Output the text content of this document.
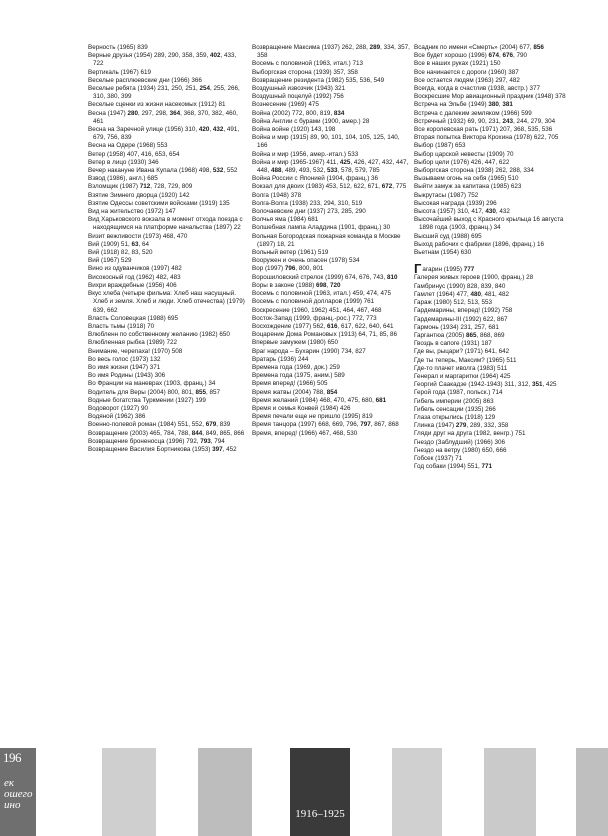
Верность (1965) 839

Верные друзья (1954) 289, 290, 358, 359, 402, 433, 722

Вертикаль (1967) 619

Веселые расплюевские дни (1966) 366

Веселые ребята (1934) 231, 250, 251, 254, 255, 266, 310, 380, 399

Веселые сценки из жизни насекомых (1912) 81

Весна (1947) 280, 297, 298, 364, 368, 370, 382, 460, 461

Весна на Заречной улице (1956) 310, 420, 432, 491, 679, 756, 839

Весна на Одере (1968) 553

Ветер (1958) 407, 416, 653, 654

Ветер в лицо (1930) 346

Вечер накануне Ивана Купала (1968) 498, 532, 552

Взвод (1986), англ.) 685

Взломщик (1987) 712, 728, 729, 809

Взятие Зимнего дворца (1920) 142

Взятие Одессы советскими войсками (1919) 135

Вид на жительство (1972) 147

Вид Харьковского вокзала в момент отхода поезда с находящимся на платформе начальства (1897) 22

Визит вежливости (1973) 468, 470

Вий (1909) 51, 63, 64

Вий (1918) 82, 83, 520

Вий (1967) 529

Вино из одуванчиков (1997) 482

Високосный год (1962) 482, 483

Вихри враждебные (1956) 406

Вкус хлеба (четыре фильма: Хлеб наш насущный. Хлеб и земля. Хлеб и люди. Хлеб отечества) (1979) 639, 662

Власть Соловецкая (1988) 695

Власть тьмы (1918) 70

Влюбленн по собственному желанию (1982) 650

Влюбленная рыбка (1989) 722

Внимание, черепаха! (1970) 508

Во весь голос (1973) 132

Во имя жизни (1947) 371

Во имя Родины (1943) 306

Во Франции на маневрах (1903, франц.) 34

Водитель для Веры (2004) 800, 801, 855, 857

Водные богатства Туркмении (1927) 199

Водоворот (1927) 90

Водяной (1962) 386

Военно-полевой роман (1984) 551, 552, 679, 839

Возвращение (2003) 465, 784, 788, 844, 849, 865, 866

Возвращение броненосца (1996) 792, 793, 794

Возвращение Василия Бортникова (1953) 397, 452

Возвращение Максима (1937) 262, 288, 289, 334, 357, 358

Восемь с половиной (1963, итал.) 713

Выборгская сторона (1939) 357, 358

Возвращение резидента (1982) 535, 536, 549

Воздушный извозчик (1943) 321

Воздушный поцелуй (1992) 756

Вознесение (1969) 475

Война (2002) 772, 800, 819, 834

Война Англии с бурами (1900, амер.) 28

Война войне (1920) 143, 198

Война и мир (1915) 89, 90, 101, 104, 105, 125, 140, 166

Война и мир (1956, амер.-итал.) 533

Война и мир (1965-1967) 411, 425, 426, 427, 432, 447, 448, 488, 489, 493, 532, 533, 578, 579, 785

Война России с Японией (1904, франц.) 36

Вокзал для двоих (1983) 453, 512, 622, 671, 672, 775

Волга (1948) 378

Волга-Волга (1938) 233, 294, 310, 519

Волочаевские дни (1937) 273, 285, 290

Волчья яма (1984) 681

Волшебная лампа Аладдина (1901, франц.) 30

Вольная Богородская пожарная команда в Москве (1897) 18, 21

Вольный ветер (1961) 519

Вооружен и очень опасен (1978) 534

Вор (1997) 796, 800, 801

Ворошиловский стрелок (1999) 674, 676, 743, 810

Воры в законе (1988) 698, 720

Восемь с половиной (1963, итал.) 459, 474, 475

Восемь с половиной долларов (1999) 761

Воскресение (1960, 1962) 451, 464, 467, 468

Восток-Запад (1999, франц.-рос.) 772, 773

Восхождение (1977) 562, 616, 617, 622, 640, 641

Воцарение Дома Романовых (1913) 64, 71, 85, 86

Впервые замужем (1980) 650

Враг народа – Бухарин (1990) 734, 827

Вратарь (1936) 244

Времена года (1969, док.) 259

Времена года (1975, аним.) 589

Время вперед! (1966) 505

Время жатвы (2004) 788, 854

Время желаний (1984) 468, 470, 475, 680, 681

Время и семья Конвей (1984) 426

Время печали еще не пришло (1995) 819

Время танцора (1997) 668, 669, 796, 797, 867, 868

Время, вперед! (1966) 467, 468, 530

Всадник по имени «Смерть» (2004) 677, 856

Все будет хорошо (1996) 674, 676, 790

Все в наших руках (1921) 150

Все начинается с дороги (1960) 387

Все остается людям (1963) 297, 482

Всегда, когда в счастлив (1938, австр.) 377

Воскресшие Мор авиационный праздник (1948) 378

Встреча на Эльбе (1949) 380, 381

Встреча с далеким земляком (1966) 599

Встречный (1932) 69, 90, 231, 243, 244, 279, 304

Все королевская рать (1971) 207, 368, 535, 536

Вторая попытка Виктора Крохина (1978) 622, 705

Выбор (1987) 653

Выбор царской невесты (1909) 70

Выбор цели (1976) 426, 447, 622

Выборгская сторона (1938) 262, 288, 334

Вызываем огонь на себя (1965) 510

Выйти замуж за капитана (1985) 623

Выкрутасы (1987) 752

Высокая награда (1939) 296

Высота (1957) 310, 417, 430, 432

Высочайший выход с Красного крыльца 16 августа 1898 года (1903, франц.) 34

Высший суд (1988) 695

Выход рабочих с фабрики (1896, франц.) 16

Вьетнам (1954) 630

Гагарин (1995) 777

Галерея живых героев (1900, франц.) 28

Гамбринус (1990) 828, 839, 840

Гамлет (1964) 477, 480, 481, 482

Гараж (1980) 512, 513, 553

Гардемарины, вперед! (1992) 758

Гардемарины-III (1992) 622, 867

Гармонь (1934) 231, 257, 681

Гаргантюа (2005) 865, 868, 869

Гвоздь в сапоге (1931) 187

Где вы, рыцари? (1971) 641, 642

Где ты теперь, Максим? (1965) 511

Где-то плачет иволга (1983) 511

Генерал и маргаритки (1964) 425

Георгий Саакадзе (1942-1943) 311, 312, 351, 425

Герой года (1987, польск.) 714

Гибель империи (2005) 863

Гибель сенсации (1935) 266

Глаза открылись (1918) 129

Глинка (1947) 279, 289, 332, 358

Гляди друг на друга (1982, венгр.) 751

Гнездо (Заблудший) (1966) 306

Гнездо на ветру (1980) 650, 666

Гобсек (1937) 71

Год собаки (1994) 551, 771

196
ек
ошего
ино
1916–1925
